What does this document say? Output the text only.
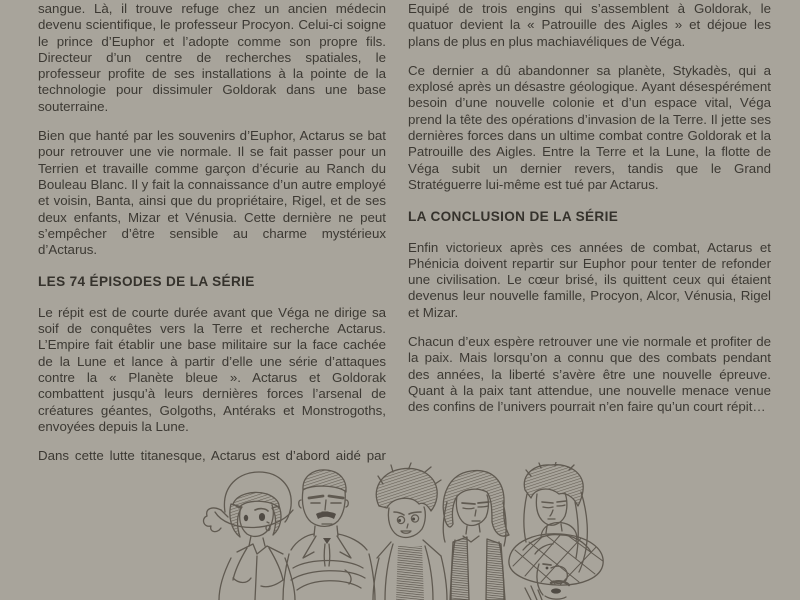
sangue. Là, il trouve refuge chez un ancien médecin devenu scientifique, le professeur Procyon. Celui-ci soigne le prince d’Euphor et l’adopte comme son propre fils. Directeur d’un centre de recherches spatiales, le professeur profite de ses installations à la pointe de la technologie pour dissimuler Goldorak dans une base souterraine.

Bien que hanté par les souvenirs d’Euphor, Actarus se bat pour retrouver une vie normale. Il se fait passer pour un Terrien et travaille comme garçon d’écurie au Ranch du Bouleau Blanc. Il y fait la connaissance d’un autre employé et voisin, Banta, ainsi que du propriétaire, Rigel, et de ses deux enfants, Mizar et Vénusia. Cette dernière ne peut s’empêcher d’être sensible au charme mystérieux d’Actarus.

LES 74 ÉPISODES DE LA SÉRIE

Le répit est de courte durée avant que Véga ne dirige sa soif de conquêtes vers la Terre et recherche Actarus. L’Empire fait établir une base militaire sur la face cachée de la Lune et lance à partir d’elle une série d’attaques contre la « Planète bleue ». Actarus et Goldorak combattent jusqu’à leurs dernières forces l’arsenal de créatures géantes, Golgoths, Antéraks et Monstrogoths, envoyées depuis la Lune.

Dans cette lutte titanesque, Actarus est d’abord aidé par

Equipé de trois engins qui s’assemblent à Goldorak, le quatuor devient la « Patrouille des Aigles » et déjoue les plans de plus en plus machiavéliques de Véga.

Ce dernier a dû abandonner sa planète, Stykadès, qui a explosé après un désastre géologique. Ayant désespérément besoin d’une nouvelle colonie et d’un espace vital, Véga prend la tête des opérations d’invasion de la Terre. Il jette ses dernières forces dans un ultime combat contre Goldorak et la Patrouille des Aigles. Entre la Terre et la Lune, la flotte de Véga subit un dernier revers, tandis que le Grand Stratéguerre lui-même est tué par Actarus.

LA CONCLUSION DE LA SÉRIE

Enfin victorieux après ces années de combat, Actarus et Phénicia doivent repartir sur Euphor pour tenter de refonder une civilisation. Le cœur brisé, ils quittent ceux qui étaient devenus leur nouvelle famille, Procyon, Alcor, Vénusia, Rigel et Mizar.

Chacun d’eux espère retrouver une vie normale et profiter de la paix. Mais lorsqu’on a connu que des combats pendant des années, la liberté s’avère être une nouvelle épreuve. Quant à la paix tant attendue, une nouvelle menace venue des confins de l’univers pourrait n’en faire qu’un court répit…
